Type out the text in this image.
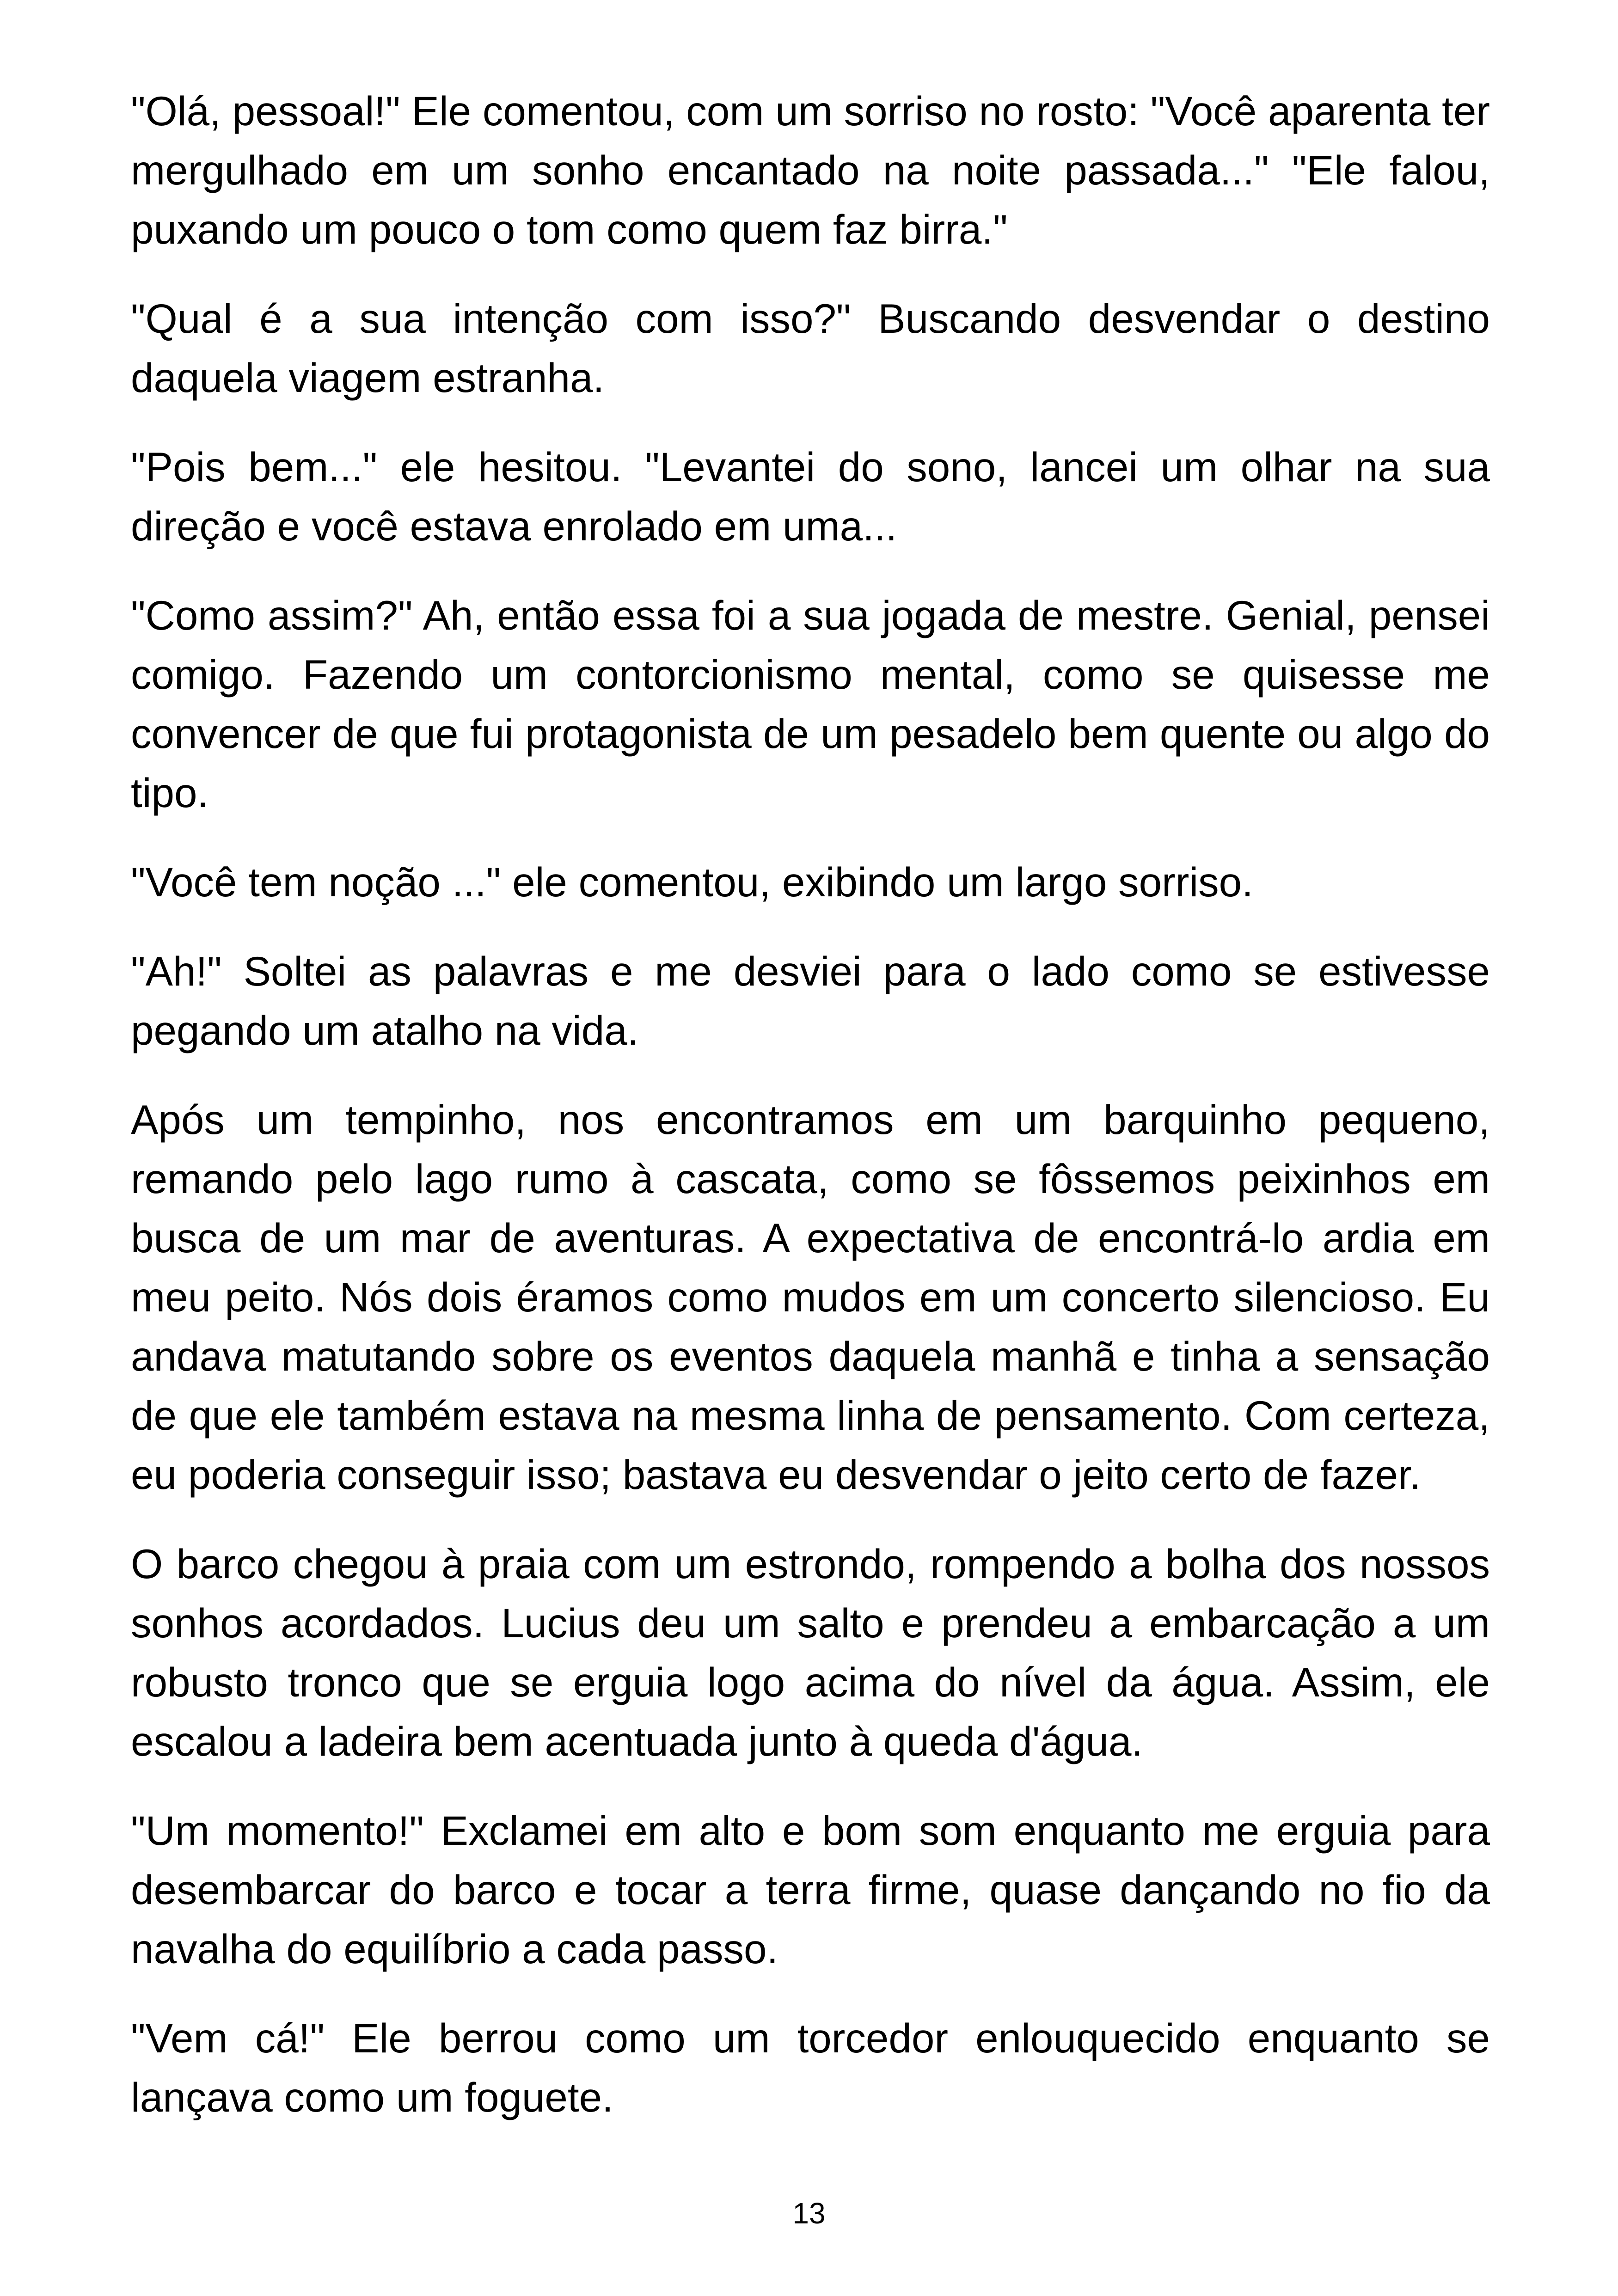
"Olá, pessoal!" Ele comentou, com um sorriso no rosto: "Você aparenta ter mergulhado em um sonho encantado na noite passada..." "Ele falou, puxando um pouco o tom como quem faz birra."

"Qual é a sua intenção com isso?" Buscando desvendar o destino daquela viagem estranha.

"Pois bem..." ele hesitou. "Levantei do sono, lancei um olhar na sua direção e você estava enrolado em uma...

"Como assim?" Ah, então essa foi a sua jogada de mestre. Genial, pensei comigo. Fazendo um contorcionismo mental, como se quisesse me convencer de que fui protagonista de um pesadelo bem quente ou algo do tipo.

"Você tem noção ..." ele comentou, exibindo um largo sorriso.

"Ah!" Soltei as palavras e me desviei para o lado como se estivesse pegando um atalho na vida.

Após um tempinho, nos encontramos em um barquinho pequeno, remando pelo lago rumo à cascata, como se fôssemos peixinhos em busca de um mar de aventuras. A expectativa de encontrá-lo ardia em meu peito. Nós dois éramos como mudos em um concerto silencioso. Eu andava matutando sobre os eventos daquela manhã e tinha a sensação de que ele também estava na mesma linha de pensamento. Com certeza, eu poderia conseguir isso; bastava eu desvendar o jeito certo de fazer.

O barco chegou à praia com um estrondo, rompendo a bolha dos nossos sonhos acordados. Lucius deu um salto e prendeu a embarcação a um robusto tronco que se erguia logo acima do nível da água. Assim, ele escalou a ladeira bem acentuada junto à queda d'água.

"Um momento!" Exclamei em alto e bom som enquanto me erguia para desembarcar do barco e tocar a terra firme, quase dançando no fio da navalha do equilíbrio a cada passo.

"Vem cá!" Ele berrou como um torcedor enlouquecido enquanto se lançava como um foguete.

13
